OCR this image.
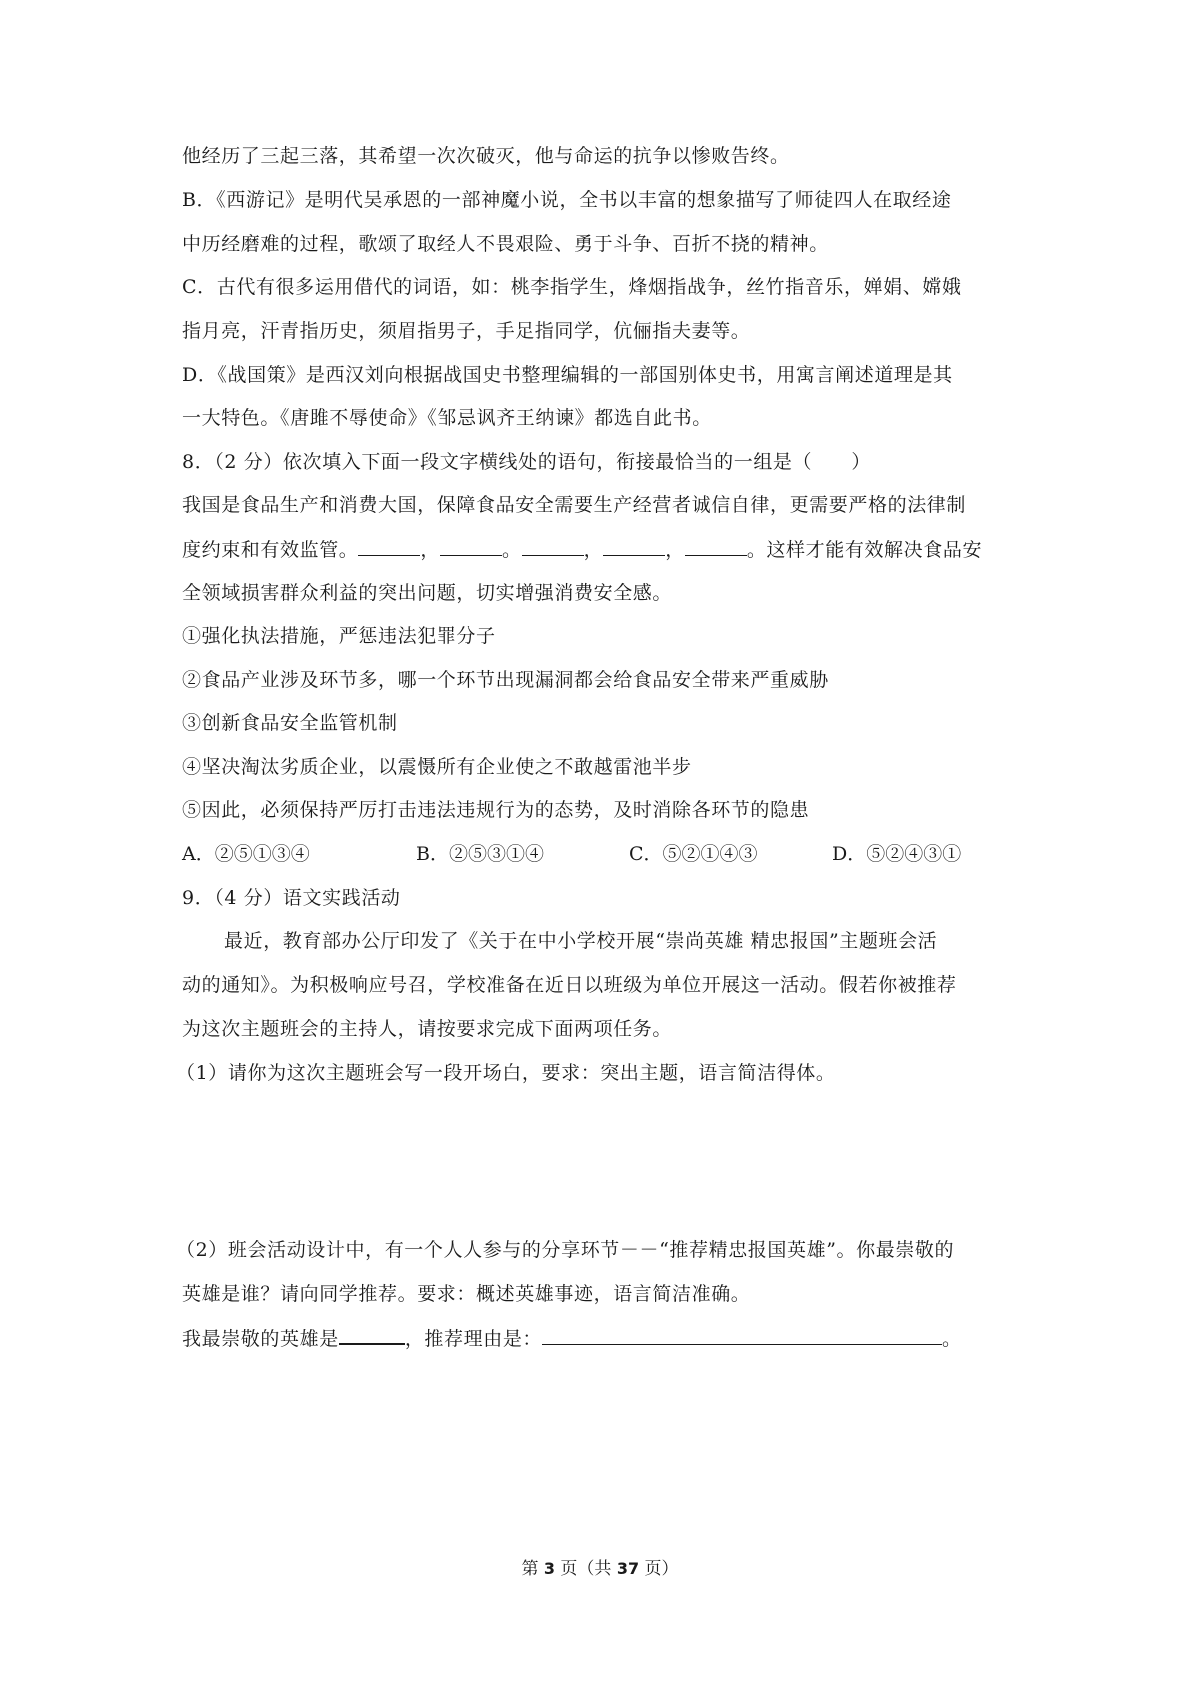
他经历了三起三落，其希望一次次破灭，他与命运的抗争以惨败告终。
B．《西游记》是明代吴承恩的一部神魔小说，全书以丰富的想象描写了师徒四人在取经途
中历经磨难的过程，歌颂了取经人不畏艰险、勇于斗争、百折不挠的精神。
C．古代有很多运用借代的词语，如：桃李指学生，烽烟指战争，丝竹指音乐，婵娟、嫦娥
指月亮，汗青指历史，须眉指男子，手足指同学，伉俪指夫妻等。
D．《战国策》是西汉刘向根据战国史书整理编辑的一部国别体史书，用寓言阐述道理是其
一大特色。《唐雎不辱使命》《邹忌讽齐王纳谏》都选自此书。
8．（2 分）依次填入下面一段文字横线处的语句，衔接最恰当的一组是（　　）
我国是食品生产和消费大国，保障食品安全需要生产经营者诚信自律，更需要严格的法律制
度约束和有效监管。	，	。	，	，	。这样才能有效解决食品安
全领域损害群众利益的突出问题，切实增强消费安全感。
①强化执法措施，严惩违法犯罪分子
②食品产业涉及环节多，哪一个环节出现漏洞都会给食品安全带来严重威胁
③创新食品安全监管机制
④坚决淘汰劣质企业，以震慑所有企业使之不敢越雷池半步
⑤因此，必须保持严厉打击违法违规行为的态势，及时消除各环节的隐患
A．②⑤①③④	B．②⑤③①④	C．⑤②①④③	D．⑤②④③①
9．（4 分）语文实践活动
最近，教育部办公厅印发了《关于在中小学校开展“崇尚英雄 精忠报国”主题班会活
动的通知》。为积极响应号召，学校准备在近日以班级为单位开展这一活动。假若你被推荐
为这次主题班会的主持人，请按要求完成下面两项任务。
（1）请你为这次主题班会写一段开场白，要求：突出主题，语言简洁得体。
（2）班会活动设计中，有一个人人参与的分享环节－－“推荐精忠报国英雄”。你最崇敬的
英雄是谁？请向同学推荐。要求：概述英雄事迹，语言简洁准确。
我最崇敬的英雄是	，推荐理由是：	。
第 3 页（共 37 页）
